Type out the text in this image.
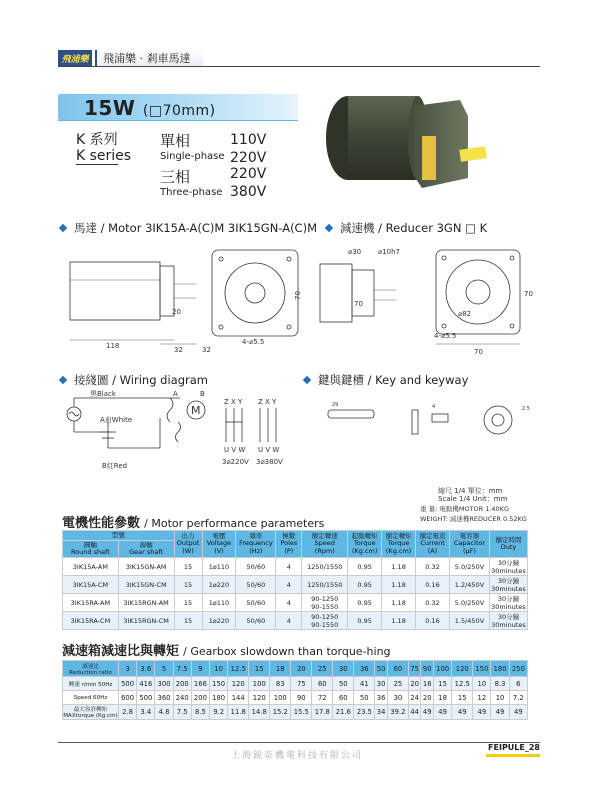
飛浦樂	飛浦樂 · 剎車馬達
15W (□70mm)
K 系列
K series
單相
Single-phase
110V
220V
三相
Three-phase
220V
380V
馬達 / Motor 3IK15A-A(C)M 3IK15GN-A(C)M 減速機 / Reducer 3GN □ K
118	32
20
70
4-⌀5.5
32
⌀30 ⌀10h7
70
4-⌀5.5
70
70
⌀82
接綫圖 / Wiring diagram	鍵與鍵槽 / Key and keyway
黒Black
A白White
B紅Red
A	B
M
Z X Y Z X Y
U V W U V W
3⌀220V 3⌀380V
29	4	2.5
縮尺 1/4 單位：mm
Scale 1/4 Unit：mm
重 量: 電動機MOTOR 1.40KG
WEIGHT: 減速機REDUCER 0.52KG
電機性能參數 / Motor performance parameters
型號		出力
Output
(W)	電壓
Voltage
(V)	頻率
Frequency
(Hz)	極數
Poles
(P)	額定轉速
Speed
(Rpm)	起動轉矩
Torque
(Kg.cm)	額定轉矩
Torque
(Kg.cm)	額定電流
Current
(A)	電容器
Capacitor
(μF)	額定時間
Duty
圓軸
Round shaft	齒軸
Gear shaft										
3IK15A-AM	3IK15GN-AM	15	1⌀110	50/60	4	1250/1550	0.95	1.18	0.32	5.0/250V	30分鐘
30minutes
3IK15A-CM	3IK15GN-CM	15	1⌀220	50/60	4	1250/1550	0.95	1.18	0.16	1.2/450V	30分鐘
30minutes
3IK15RA-AM	3IK15RGN-AM	15	1⌀110	50/60	4	90-1250
90-1550	0.95	1.18	0.32	5.0/250V	30分鐘
30minutes
3IK15RA-CM	3IK15RGN-CM	15	1⌀220	50/60	4	90-1250
90-1550	0.95	1.18	0.16	1.5/450V	30分鐘
30minutes
減速箱減速比與轉矩 / Gearbox slowdown than torque-hing
減速比
Reduction ratio	3	3.6	5	7.5	9	10	12.5	15	18	20	25	30	36	50	60	75	90	100	120	150	180	250
轉速 r/min 50Hz	500	416	300	200	166	150	120	100	83	75	60	50	41	30	25	20	16	15	12.5	10	8.3	6
Speed 60Hz	600	500	360	240	200	180	144	120	100	90	72	60	50	36	30	24	20	18	15	12	10	7.2
最大容許轉矩
MAXtorque (Kg.cm)	2.8	3.4	4.8	7.5	8.5	9.2	11.8	14.8	15.2	15.5	17.8	21.6	23.5	34	39.2	44	49	49	49	49	49	49
上海鋭奈機電科技有限公司
FEIPULE_28
